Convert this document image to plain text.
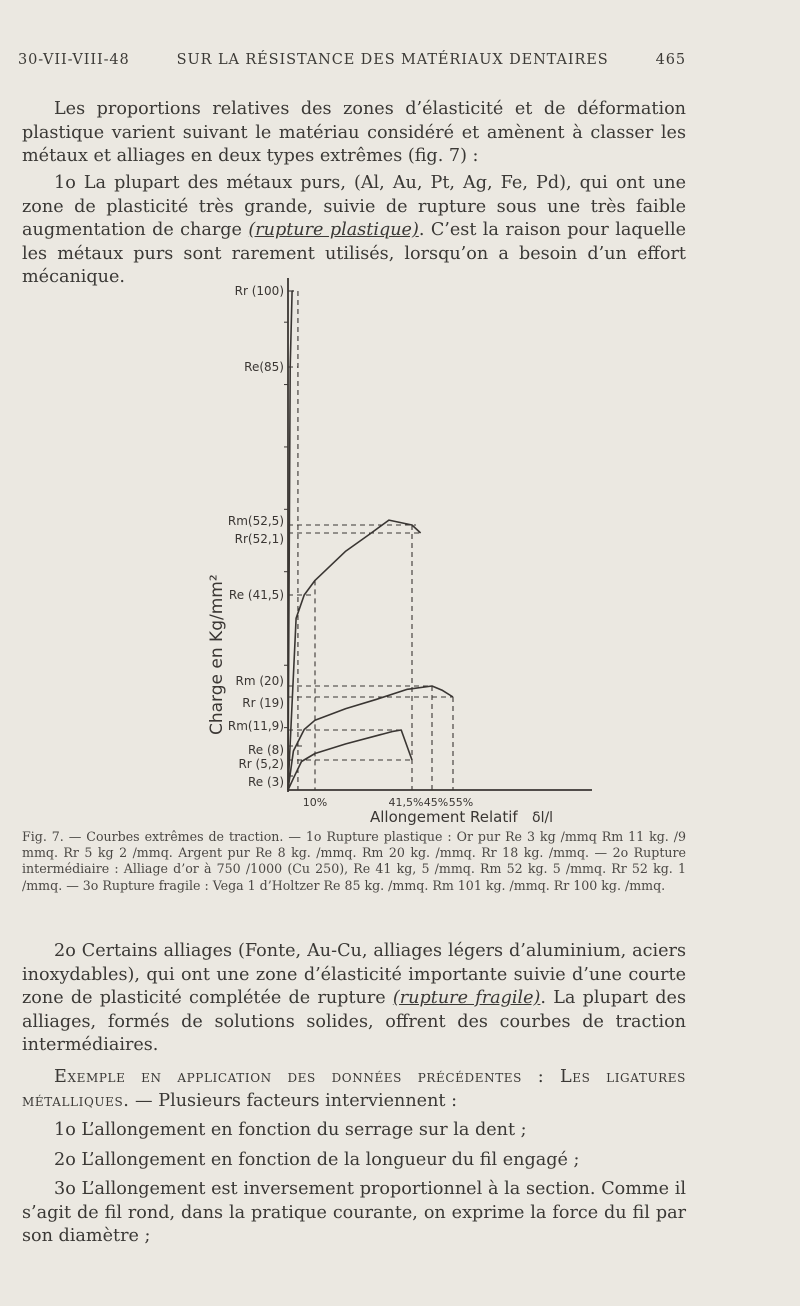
30-VII-VIII-48	SUR LA RÉSISTANCE DES MATÉRIAUX DENTAIRES	465

Les proportions relatives des zones d’élasticité et de déformation plastique varient suivant le matériau considéré et amènent à classer les métaux et alliages en deux types extrêmes (fig. 7) :

1o La plupart des métaux purs, (Al, Au, Pt, Ag, Fe, Pd), qui ont une zone de plasticité très grande, suivie de rupture sous une très faible augmentation de charge (rupture plastique). C’est la raison pour laquelle les métaux purs sont rarement utilisés, lorsqu’on a besoin d’un effort mécanique.

Charge en Kg/mm²
Rr (100)
Re(85)
Rm(52,5)
Rr(52,1)
Re (41,5)
Rm (20)
Rr (19)
Rm(11,9)
Re (8)
Rr (5,2)
Re (3)
10%	41,5% 45% 55%
Allongement Relatif δl/l
Fig. 7. — Courbes extrêmes de traction. — 1o Rupture plastique : Or pur Re 3 kg /mmq Rm 11 kg. /9 mmq. Rr 5 kg 2 /mmq. Argent pur Re 8 kg. /mmq. Rm 20 kg. /mmq. Rr 18 kg. /mmq. — 2o Rupture intermédiaire : Alliage d’or à 750 /1000 (Cu 250), Re 41 kg, 5 /mmq. Rm 52 kg. 5 /mmq. Rr 52 kg. 1 /mmq. — 3o Rupture fragile : Vega 1 d’Holtzer Re 85 kg. /mmq. Rm 101 kg. /mmq. Rr 100 kg. /mmq.

2o Certains alliages (Fonte, Au-Cu, alliages légers d’aluminium, aciers inoxydables), qui ont une zone d’élasticité importante suivie d’une courte zone de plasticité complétée de rupture (rupture fragile). La plupart des alliages, formés de solutions solides, offrent des courbes de traction intermédiaires.

Exemple en application des données précédentes : Les ligatures métalliques. — Plusieurs facteurs interviennent :

1o L’allongement en fonction du serrage sur la dent ;

2o L’allongement en fonction de la longueur du fil engagé ;

3o L’allongement est inversement proportionnel à la section. Comme il s’agit de fil rond, dans la pratique courante, on exprime la force du fil par son diamètre ;
